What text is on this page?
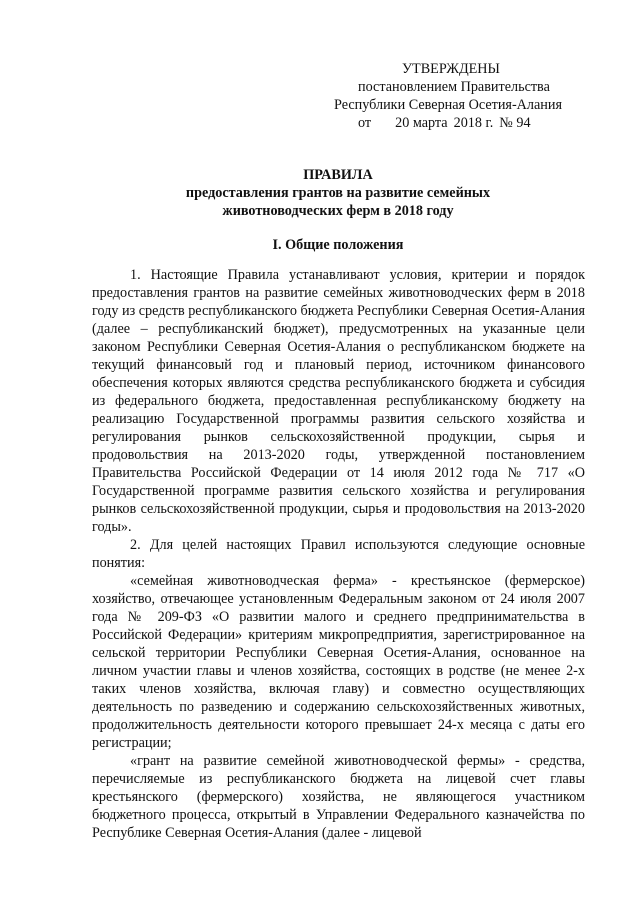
УТВЕРЖДЕНЫ
постановлением Правительства
Республики Северная Осетия-Алания
от 20 марта 2018 г. № 94
ПРАВИЛА
предоставления грантов на развитие семейных
животноводческих ферм в 2018 году
I. Общие положения

1. Настоящие Правила устанавливают условия, критерии и порядок предоставления грантов на развитие семейных животноводческих ферм в 2018 году из средств республиканского бюджета Республики Северная Осетия-Алания (далее – республиканский бюджет), предусмотренных на указанные цели законом Республики Северная Осетия-Алания о республиканском бюджете на текущий финансовый год и плановый период, источником финансового обеспечения которых являются средства республиканского бюджета и субсидия из федерального бюджета, предоставленная республиканскому бюджету на реализацию Государственной программы развития сельского хозяйства и регулирования рынков сельскохозяйственной продукции, сырья и продовольствия на 2013-2020 годы, утвержденной постановлением Правительства Российской Федерации от 14 июля 2012 года № 717 «О Государственной программе развития сельского хозяйства и регулирования рынков сельскохозяйственной продукции, сырья и продовольствия на 2013-2020 годы».

2. Для целей настоящих Правил используются следующие основные понятия:

«семейная животноводческая ферма» - крестьянское (фермерское) хозяйство, отвечающее установленным Федеральным законом от 24 июля 2007 года № 209-ФЗ «О развитии малого и среднего предпринимательства в Российской Федерации» критериям микропредприятия, зарегистрированное на сельской территории Республики Северная Осетия-Алания, основанное на личном участии главы и членов хозяйства, состоящих в родстве (не менее 2-х таких членов хозяйства, включая главу) и совместно осуществляющих деятельность по разведению и содержанию сельскохозяйственных животных, продолжительность деятельности которого превышает 24-х месяца с даты его регистрации;

«грант на развитие семейной животноводческой фермы» - средства, перечисляемые из республиканского бюджета на лицевой счет главы крестьянского (фермерского) хозяйства, не являющегося участником бюджетного процесса, открытый в Управлении Федерального казначейства по Республике Северная Осетия-Алания (далее - лицевой
